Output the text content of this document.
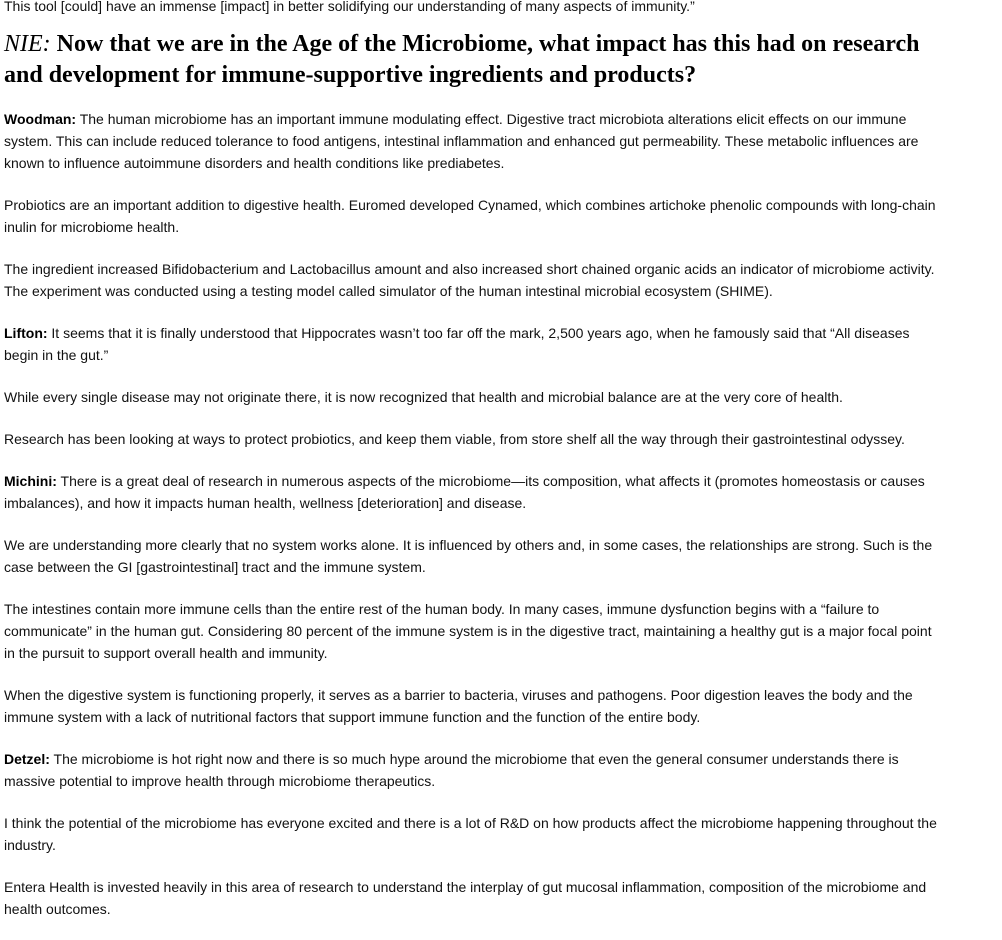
This tool [could] have an immense [impact] in better solidifying our understanding of many aspects of immunity.”

NIE: Now that we are in the Age of the Microbiome, what impact has this had on research and development for immune-supportive ingredients and products?

Woodman: The human microbiome has an important immune modulating effect. Digestive tract microbiota alterations elicit effects on our immune system. This can include reduced tolerance to food antigens, intestinal inflammation and enhanced gut permeability. These metabolic influences are known to influence autoimmune disorders and health conditions like prediabetes.

Probiotics are an important addition to digestive health. Euromed developed Cynamed, which combines artichoke phenolic compounds with long-chain inulin for microbiome health.

The ingredient increased Bifidobacterium and Lactobacillus amount and also increased short chained organic acids an indicator of microbiome activity. The experiment was conducted using a testing model called simulator of the human intestinal microbial ecosystem (SHIME).

Lifton: It seems that it is finally understood that Hippocrates wasn’t too far off the mark, 2,500 years ago, when he famously said that “All diseases begin in the gut.”

While every single disease may not originate there, it is now recognized that health and microbial balance are at the very core of health.

Research has been looking at ways to protect probiotics, and keep them viable, from store shelf all the way through their gastrointestinal odyssey.

Michini: There is a great deal of research in numerous aspects of the microbiome—its composition, what affects it (promotes homeostasis or causes imbalances), and how it impacts human health, wellness [deterioration] and disease.

We are understanding more clearly that no system works alone. It is influenced by others and, in some cases, the relationships are strong. Such is the case between the GI [gastrointestinal] tract and the immune system.

The intestines contain more immune cells than the entire rest of the human body. In many cases, immune dysfunction begins with a “failure to communicate” in the human gut. Considering 80 percent of the immune system is in the digestive tract, maintaining a healthy gut is a major focal point in the pursuit to support overall health and immunity.

When the digestive system is functioning properly, it serves as a barrier to bacteria, viruses and pathogens. Poor digestion leaves the body and the immune system with a lack of nutritional factors that support immune function and the function of the entire body.

Detzel: The microbiome is hot right now and there is so much hype around the microbiome that even the general consumer understands there is massive potential to improve health through microbiome therapeutics.

I think the potential of the microbiome has everyone excited and there is a lot of R&D on how products affect the microbiome happening throughout the industry.

Entera Health is invested heavily in this area of research to understand the interplay of gut mucosal inflammation, composition of the microbiome and health outcomes.
